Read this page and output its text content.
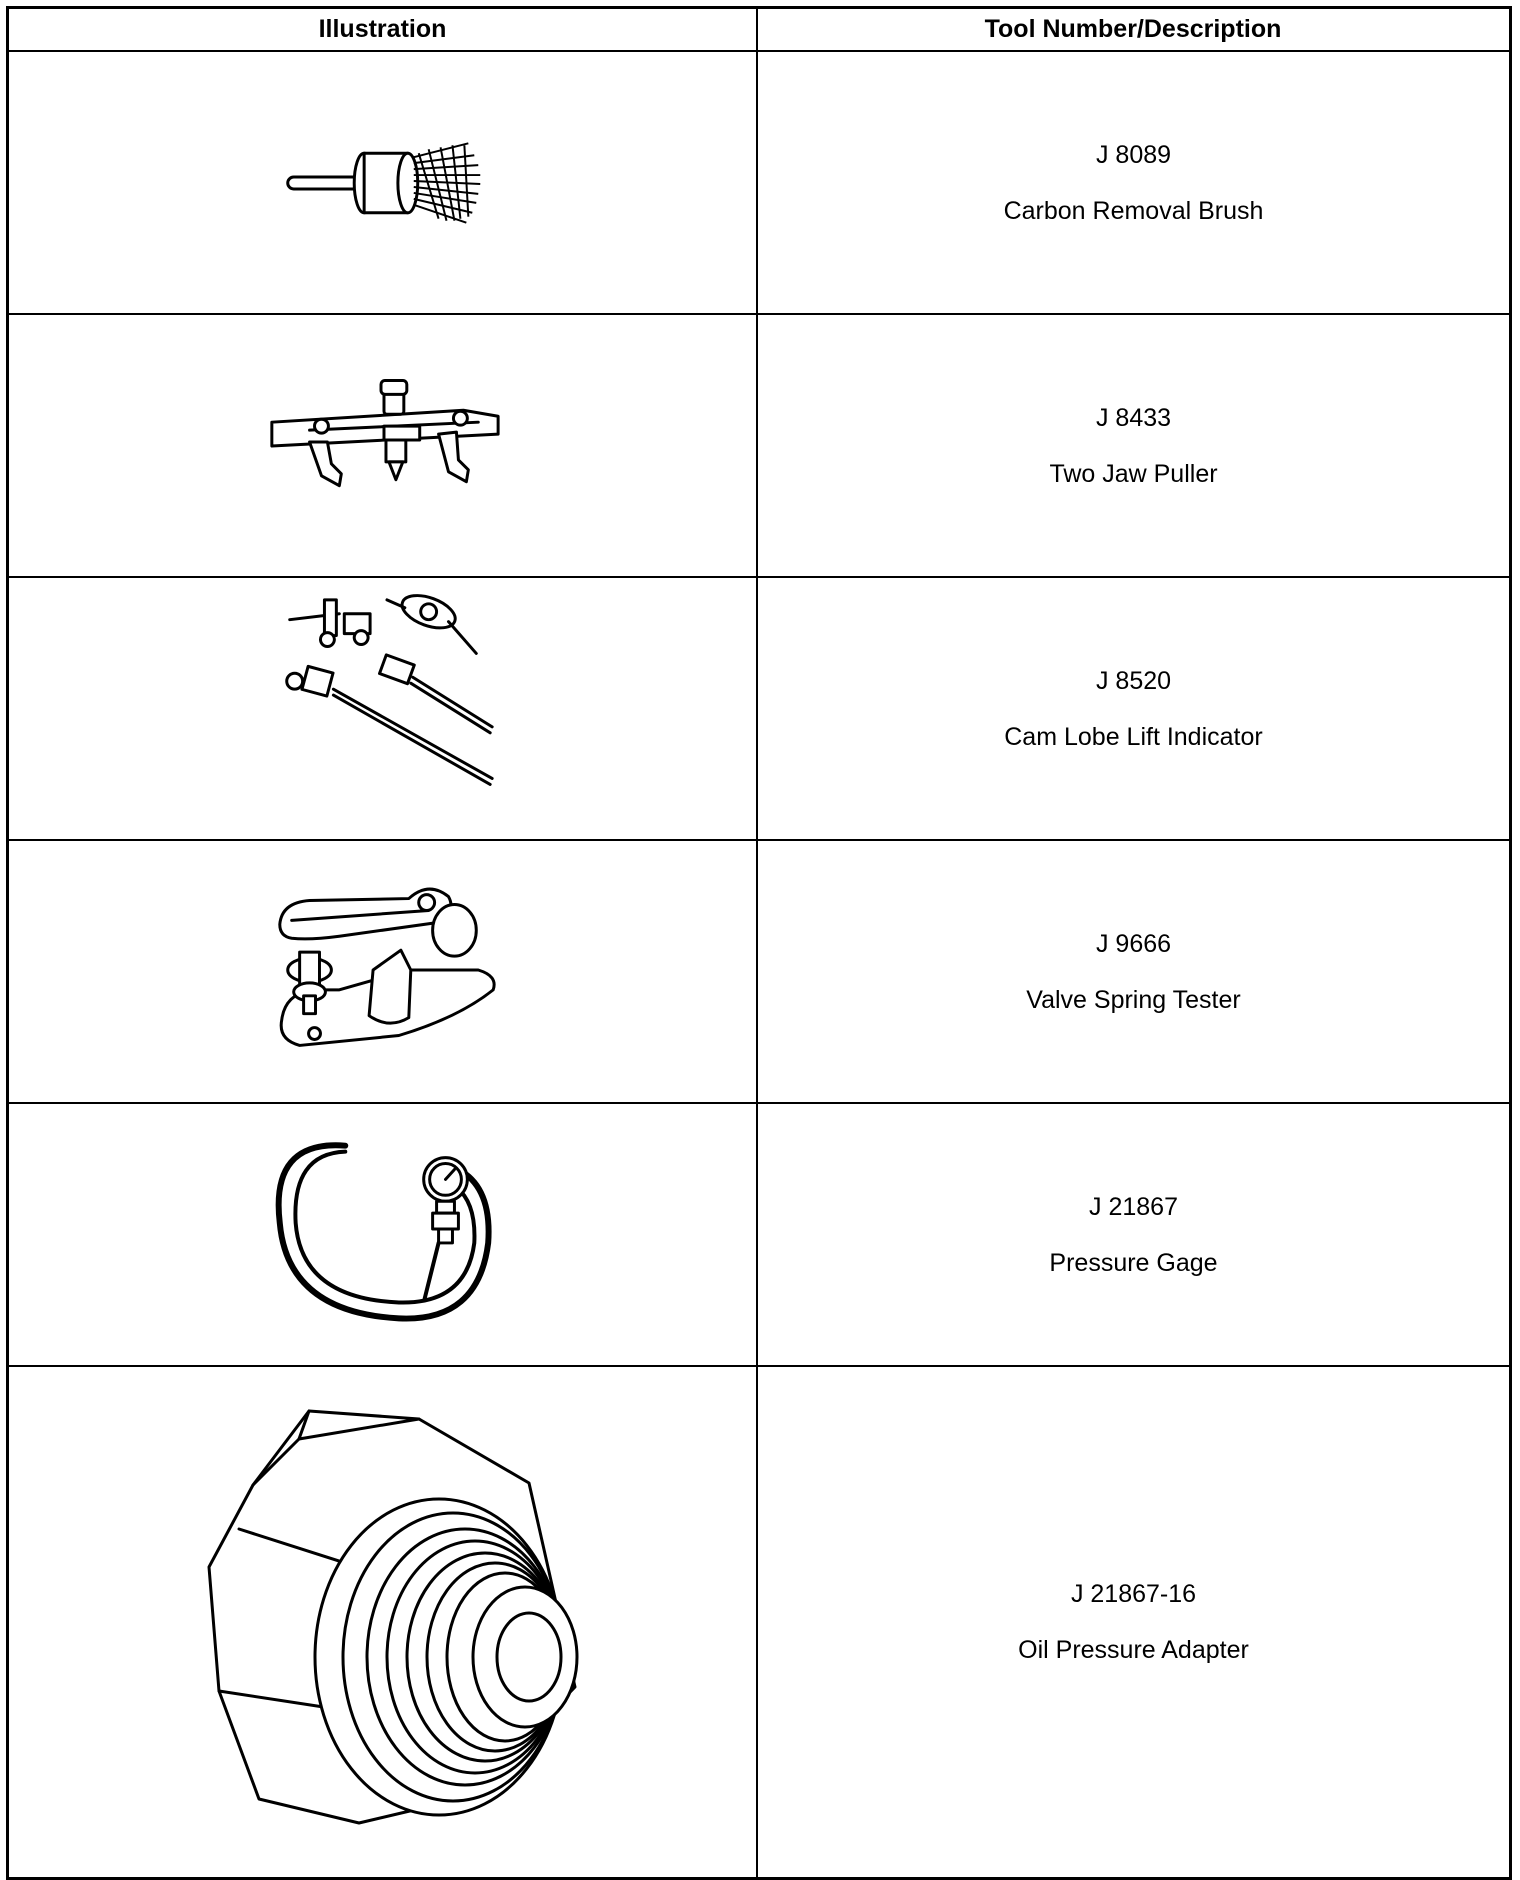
Illustration	Tool Number/Description
J 8089
Carbon Removal Brush
J 8433
Two Jaw Puller
J 8520
Cam Lobe Lift Indicator
J 9666
Valve Spring Tester
J 21867
Pressure Gage
J 21867-16
Oil Pressure Adapter
